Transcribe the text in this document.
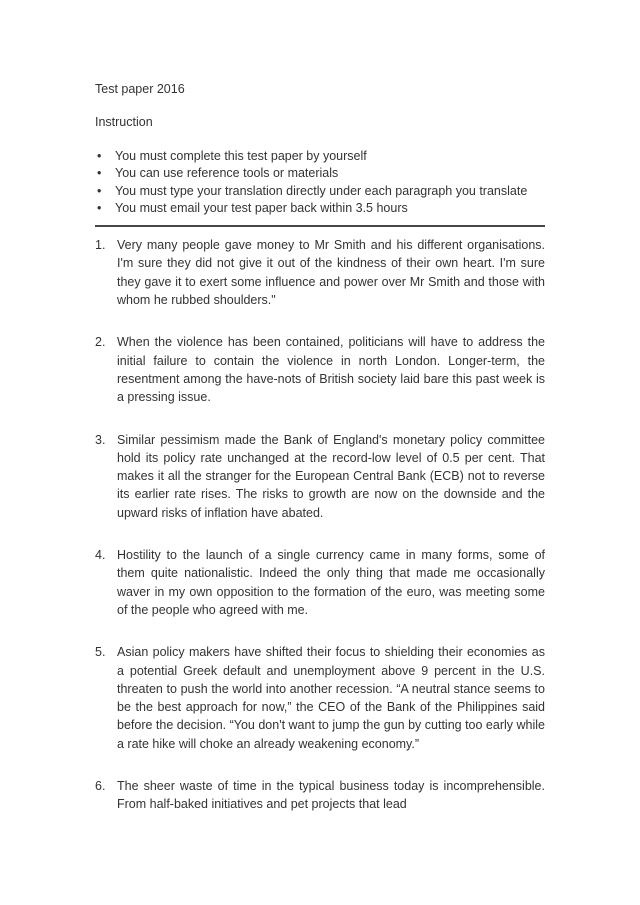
Test paper 2016

Instruction

• You must complete this test paper by yourself
• You can use reference tools or materials
• You must type your translation directly under each paragraph you translate
• You must email your test paper back within 3.5 hours
1. Very many people gave money to Mr Smith and his different organisations. I'm sure they did not give it out of the kindness of their own heart. I'm sure they gave it to exert some influence and power over Mr Smith and those with whom he rubbed shoulders."
2. When the violence has been contained, politicians will have to address the initial failure to contain the violence in north London. Longer-term, the resentment among the have-nots of British society laid bare this past week is a pressing issue.
3. Similar pessimism made the Bank of England's monetary policy committee hold its policy rate unchanged at the record-low level of 0.5 per cent. That makes it all the stranger for the European Central Bank (ECB) not to reverse its earlier rate rises. The risks to growth are now on the downside and the upward risks of inflation have abated.
4. Hostility to the launch of a single currency came in many forms, some of them quite nationalistic. Indeed the only thing that made me occasionally waver in my own opposition to the formation of the euro, was meeting some of the people who agreed with me.
5. Asian policy makers have shifted their focus to shielding their economies as a potential Greek default and unemployment above 9 percent in the U.S. threaten to push the world into another recession. “A neutral stance seems to be the best approach for now,” the CEO of the Bank of the Philippines said before the decision. “You don't want to jump the gun by cutting too early while a rate hike will choke an already weakening economy.”
6. The sheer waste of time in the typical business today is incomprehensible. From half-baked initiatives and pet projects that lead
